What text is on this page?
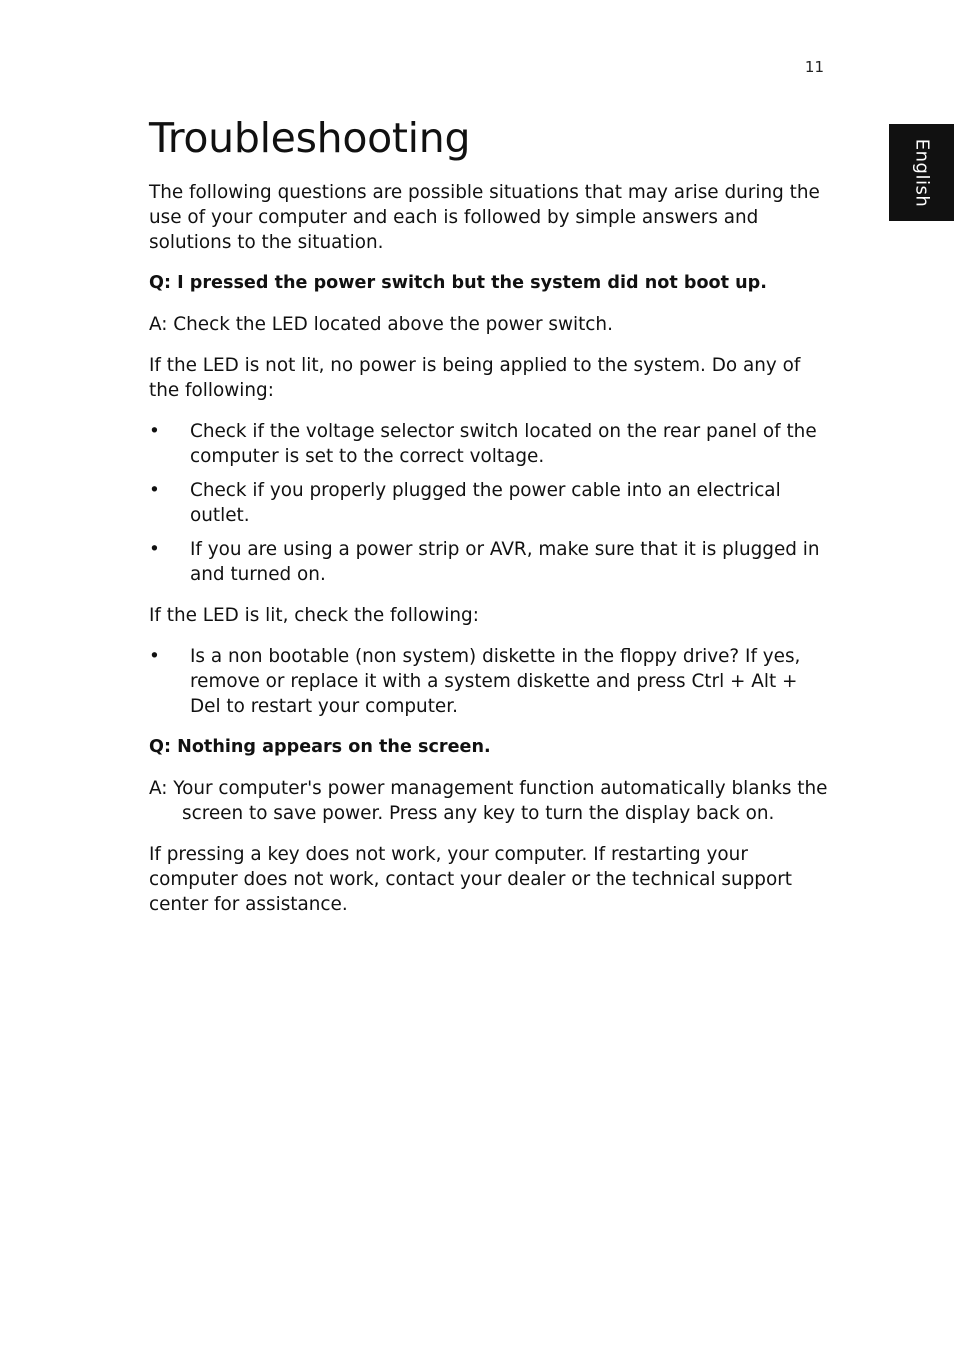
11
English
Troubleshooting

The following questions are possible situations that may arise during the use of your computer and each is followed by simple answers and solutions to the situation.

Q: I pressed the power switch but the system did not boot up.

A: Check the LED located above the power switch.

If the LED is not lit, no power is being applied to the system. Do any of the following:

• Check if the voltage selector switch located on the rear panel of the computer is set to the correct voltage.
• Check if you properly plugged the power cable into an electrical outlet.
• If you are using a power strip or AVR, make sure that it is plugged in and turned on.

If the LED is lit, check the following:

• Is a non bootable (non system) diskette in the floppy drive? If yes, remove or replace it with a system diskette and press Ctrl + Alt + Del to restart your computer.

Q: Nothing appears on the screen.

A: Your computer's power management function automatically blanks the screen to save power. Press any key to turn the display back on.

If pressing a key does not work, your computer. If restarting your computer does not work, contact your dealer or the technical support center for assistance.
